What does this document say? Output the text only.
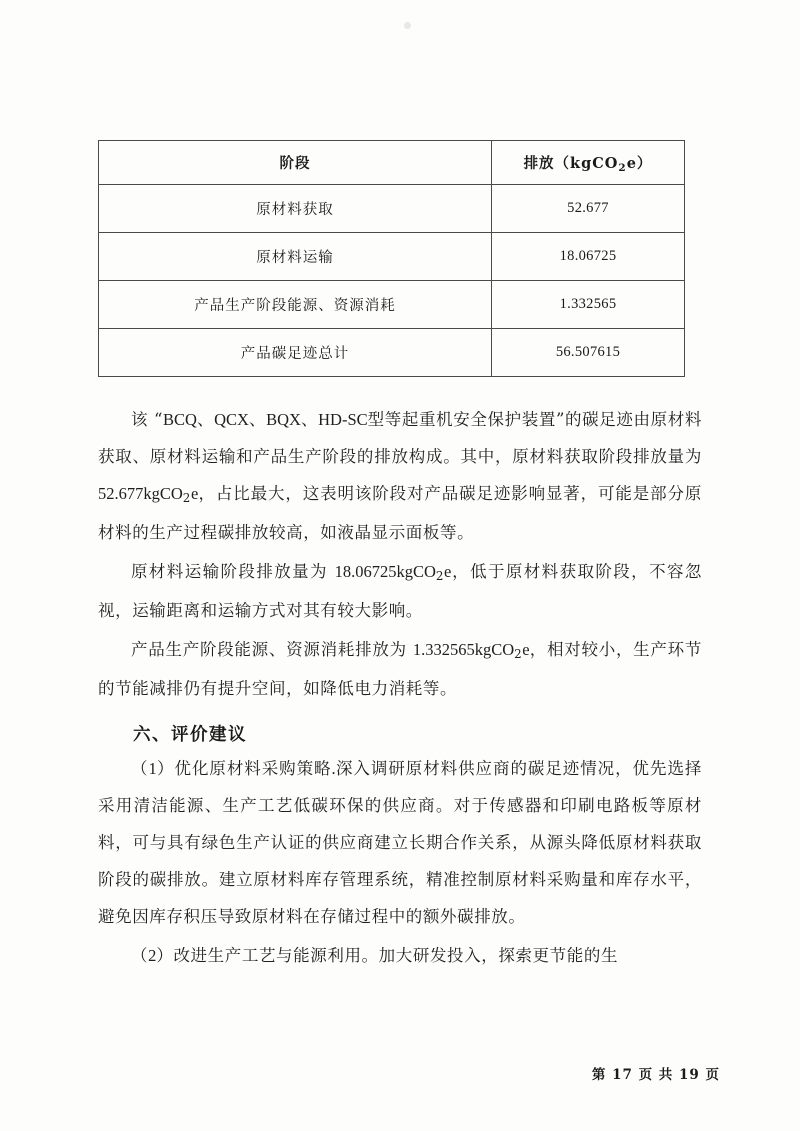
阶段	排放（kgCO$_2$e）
原材料获取	52.677
原材料运输	18.06725
产品生产阶段能源、资源消耗	1.332565
产品碳足迹总计	56.507615

该 “BCQ、QCX、BQX、HD-SC型等起重机安全保护装置”的碳足迹由原材料获取、原材料运输和产品生产阶段的排放构成。其中，原材料获取阶段排放量为 52.677kgCO$_2$e，占比最大，这表明该阶段对产品碳足迹影响显著，可能是部分原材料的生产过程碳排放较高，如液晶显示面板等。

原材料运输阶段排放量为 18.06725kgCO$_2$e，低于原材料获取阶段，不容忽视，运输距离和运输方式对其有较大影响。

产品生产阶段能源、资源消耗排放为 1.332565kgCO$_2$e，相对较小，生产环节的节能减排仍有提升空间，如降低电力消耗等。

六、评价建议

（1）优化原材料采购策略.深入调研原材料供应商的碳足迹情况，优先选择采用清洁能源、生产工艺低碳环保的供应商。对于传感器和印刷电路板等原材料，可与具有绿色生产认证的供应商建立长期合作关系，从源头降低原材料获取阶段的碳排放。建立原材料库存管理系统，精准控制原材料采购量和库存水平，避免因库存积压导致原材料在存储过程中的额外碳排放。

（2）改进生产工艺与能源利用。加大研发投入，探索更节能的生

第 17 页 共 19 页
